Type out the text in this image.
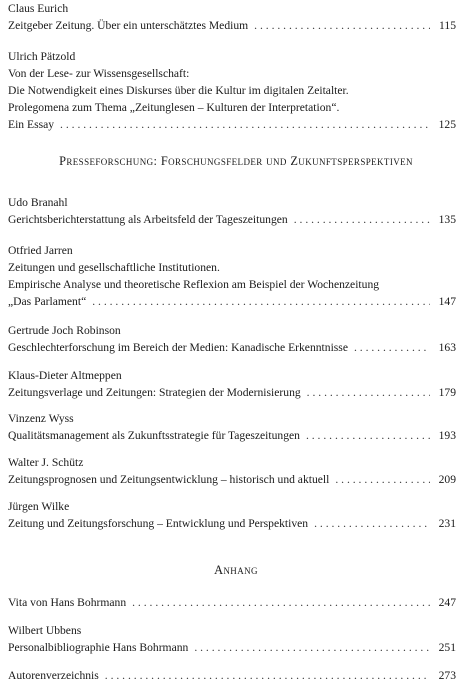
Claus Eurich
Zeitgeber Zeitung. Über ein unterschätztes Medium . . .	115
Ulrich Pätzold
Von der Lese- zur Wissensgesellschaft:
Die Notwendigkeit eines Diskurses über die Kultur im digitalen Zeitalter.
Prolegomena zum Thema „Zeitunglesen – Kulturen der Interpretation“.
Ein Essay . . .	125
Presseforschung: Forschungsfelder und Zukunftsperspektiven
Udo Branahl
Gerichtsberichterstattung als Arbeitsfeld der Tageszeitungen . . .	135
Otfried Jarren
Zeitungen und gesellschaftliche Institutionen.
Empirische Analyse und theoretische Reflexion am Beispiel der Wochenzeitung
„Das Parlament“ . . .	147
Gertrude Joch Robinson
Geschlechterforschung im Bereich der Medien: Kanadische Erkenntnisse . . .	163
Klaus-Dieter Altmeppen
Zeitungsverlage und Zeitungen: Strategien der Modernisierung . . .	179
Vinzenz Wyss
Qualitätsmanagement als Zukunftsstrategie für Tageszeitungen . . .	193
Walter J. Schütz
Zeitungsprognosen und Zeitungsentwicklung – historisch und aktuell . . .	209
Jürgen Wilke
Zeitung und Zeitungsforschung – Entwicklung und Perspektiven . . .	231
Anhang
Vita von Hans Bohrmann . . .	247
Wilbert Ubbens
Personalbibliographie Hans Bohrmann . . .	251
Autorenverzeichnis . . .	273
